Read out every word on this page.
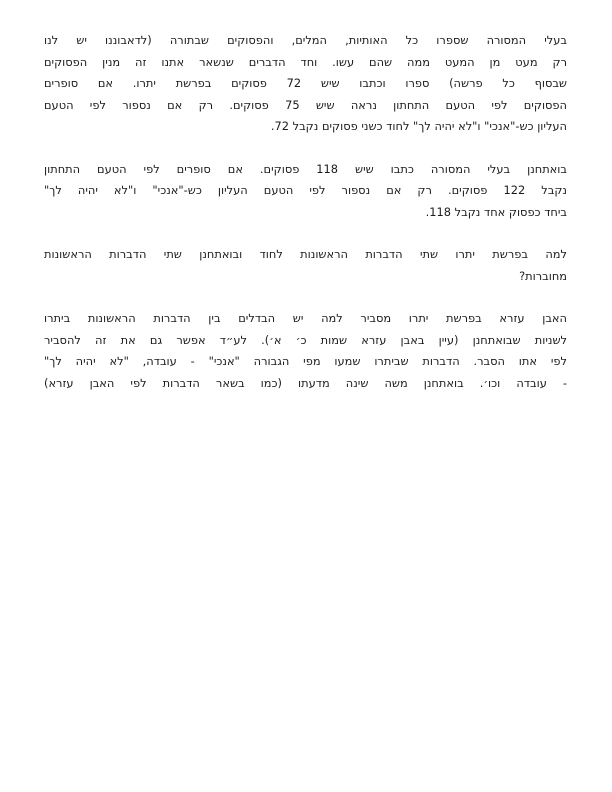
בעלי המסורה שספרו כל האותיות, המלים, והפסוקים שבתורה (לדאבוננו יש לנו
רק מעט מן המעט ממה שהם עשו. וחד הדברים שנשאר אתנו זה מנין הפסוקים
שבסוף כל פרשה) ספרו וכתבו שיש 72 פסוקים בפרשת יתרו. אם סופרים
הפסוקים לפי הטעם התחתון נראה שיש 75 פסוקים. רק אם נספור לפי הטעם
העליון כש-"אנכי" ו"לא יהיה לך" לחוד כשני פסוקים נקבל 72.
בואתחנן בעלי המסורה כתבו שיש 118 פסוקים. אם סופרים לפי הטעם התחתון
נקבל 122 פסוקים. רק אם נספור לפי הטעם העליון כש-"אנכי" ו"לא יהיה לך"
ביחד כפסוק אחד נקבל 118.
למה בפרשת יתרו שתי הדברות הראשונות לחוד ובואתחנן שתי הדברות הראשונות
מחוברות?
האבן עזרא בפרשת יתרו מסביר למה יש הבדלים בין הדברות הראשונות ביתרו
לשניות שבואתחנן (עיין באבן עזרא שמות כ׳ א׳). לע״ד אפשר גם את זה להסביר
לפי אתו הסבר. הדברות שביתרו שמעו מפי הגבורה "אנכי" - עובדה, "לא יהיה לך"
- עובדה וכו׳. בואתחנן משה שינה מדעתו (כמו בשאר הדברות לפי האבן עזרא)
